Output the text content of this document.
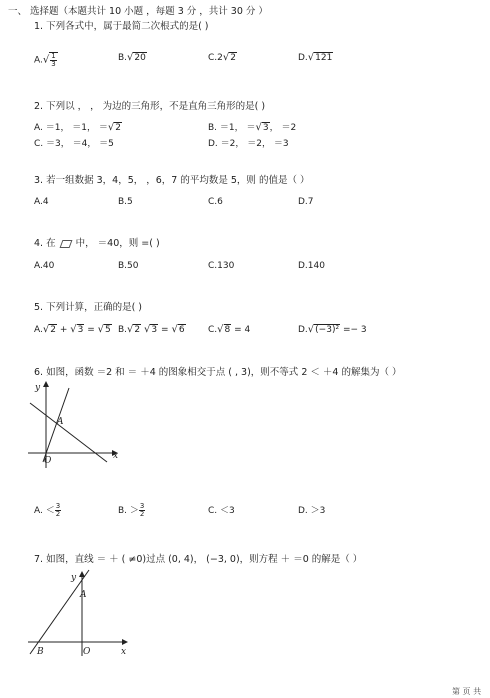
一、 选择题（本题共计 10 小题 ，每题 3 分 ，共计 30 分 ）
1. 下列各式中，属于最简二次根式的是( )
$A.√ \frac{1}{3}$	B.√20	C.2√2	D.√121
2. 下列以 ， ， 为边的三角形，不是直角三角形的是( )
A. ＝1， ＝1， ＝√2	B. ＝1， ＝√3， ＝2
C. ＝3， ＝4， ＝5	D. ＝2， ＝2， ＝3
3. 若一组数据 3，4，5， ，6，7 的平均数是 5，则 的值是（ ）
A.4	B.5	C.6	D.7
4. 在 中， ＝40，则 =( )
A.40	B.50	C.130	D.140
5. 下列计算，正确的是( )
A.√2 + √3 = √5 B.√2 √3 = √6	C.√8 = 4	D.√(−3)² =− 3
6. 如图，函数 ＝2 和 ＝ ＋4 的图象相交于点 ( , 3)，则不等式 2 ＜ ＋4 的解集为（ ）
y
x
A
O
A. ＜ $\frac{3}{2}$	B. ＞ $\frac{3}{2}$	C. ＜3	D. ＞3
7. 如图，直线 ＝ ＋ ( ≠0)过点 (0, 4)， (−3, 0)，则方程 ＋ ＝0 的解是（ ）
y
x
A
B	O
第 页 共
